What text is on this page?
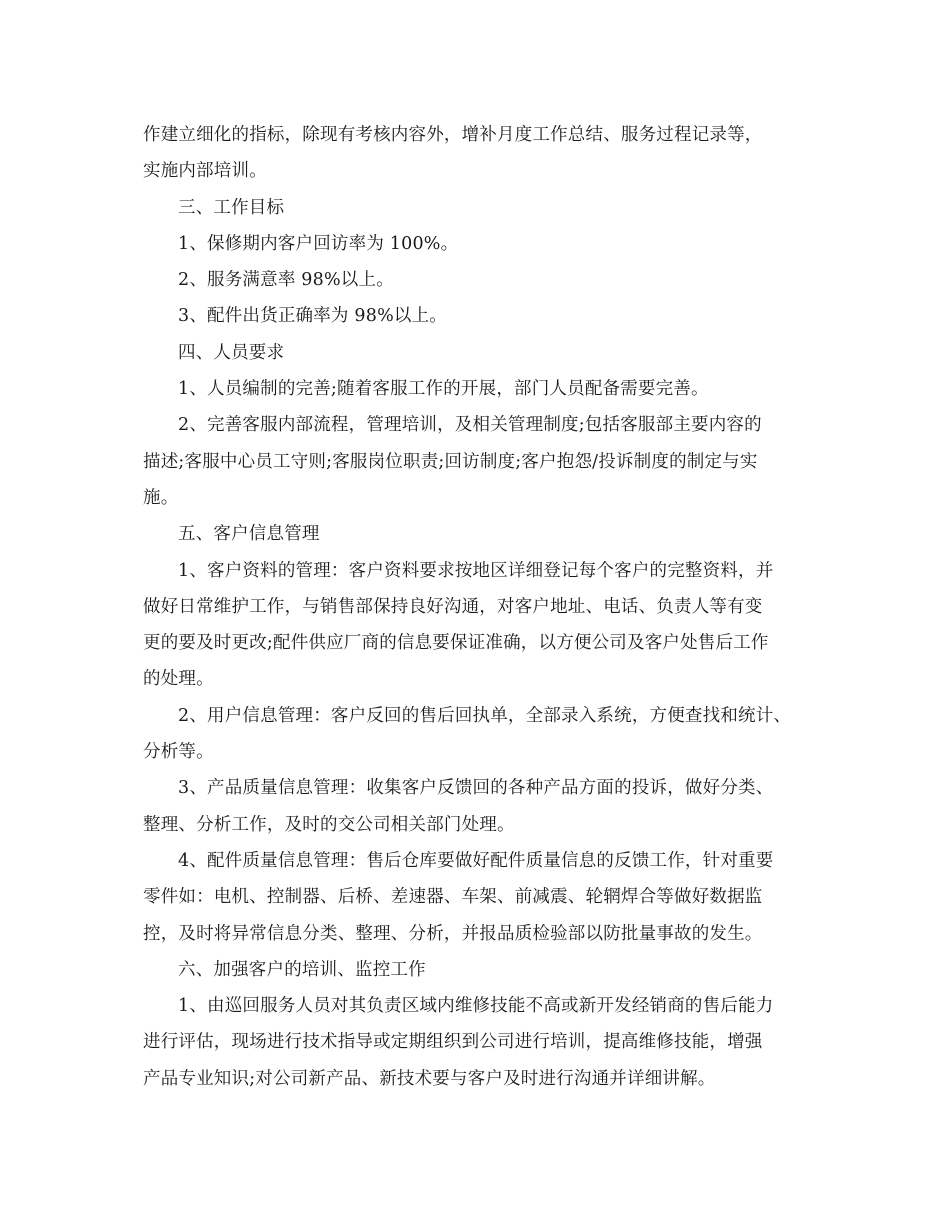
作建立细化的指标，除现有考核内容外，增补月度工作总结、服务过程记录等，

实施内部培训。

三、工作目标

1、保修期内客户回访率为 100%。

2、服务满意率 98%以上。

3、配件出货正确率为 98%以上。

四、人员要求

1、人员编制的完善;随着客服工作的开展，部门人员配备需要完善。

2、完善客服内部流程，管理培训，及相关管理制度;包括客服部主要内容的

描述;客服中心员工守则;客服岗位职责;回访制度;客户抱怨/投诉制度的制定与实

施。

五、客户信息管理

1、客户资料的管理：客户资料要求按地区详细登记每个客户的完整资料，并

做好日常维护工作，与销售部保持良好沟通，对客户地址、电话、负责人等有变

更的要及时更改;配件供应厂商的信息要保证准确，以方便公司及客户处售后工作

的处理。

2、用户信息管理：客户反回的售后回执单，全部录入系统，方便查找和统计、

分析等。

3、产品质量信息管理：收集客户反馈回的各种产品方面的投诉，做好分类、

整理、分析工作，及时的交公司相关部门处理。

4、配件质量信息管理：售后仓库要做好配件质量信息的反馈工作，针对重要

零件如：电机、控制器、后桥、差速器、车架、前减震、轮辋焊合等做好数据监

控，及时将异常信息分类、整理、分析，并报品质检验部以防批量事故的发生。

六、加强客户的培训、监控工作

1、由巡回服务人员对其负责区域内维修技能不高或新开发经销商的售后能力

进行评估，现场进行技术指导或定期组织到公司进行培训，提高维修技能，增强

产品专业知识;对公司新产品、新技术要与客户及时进行沟通并详细讲解。
